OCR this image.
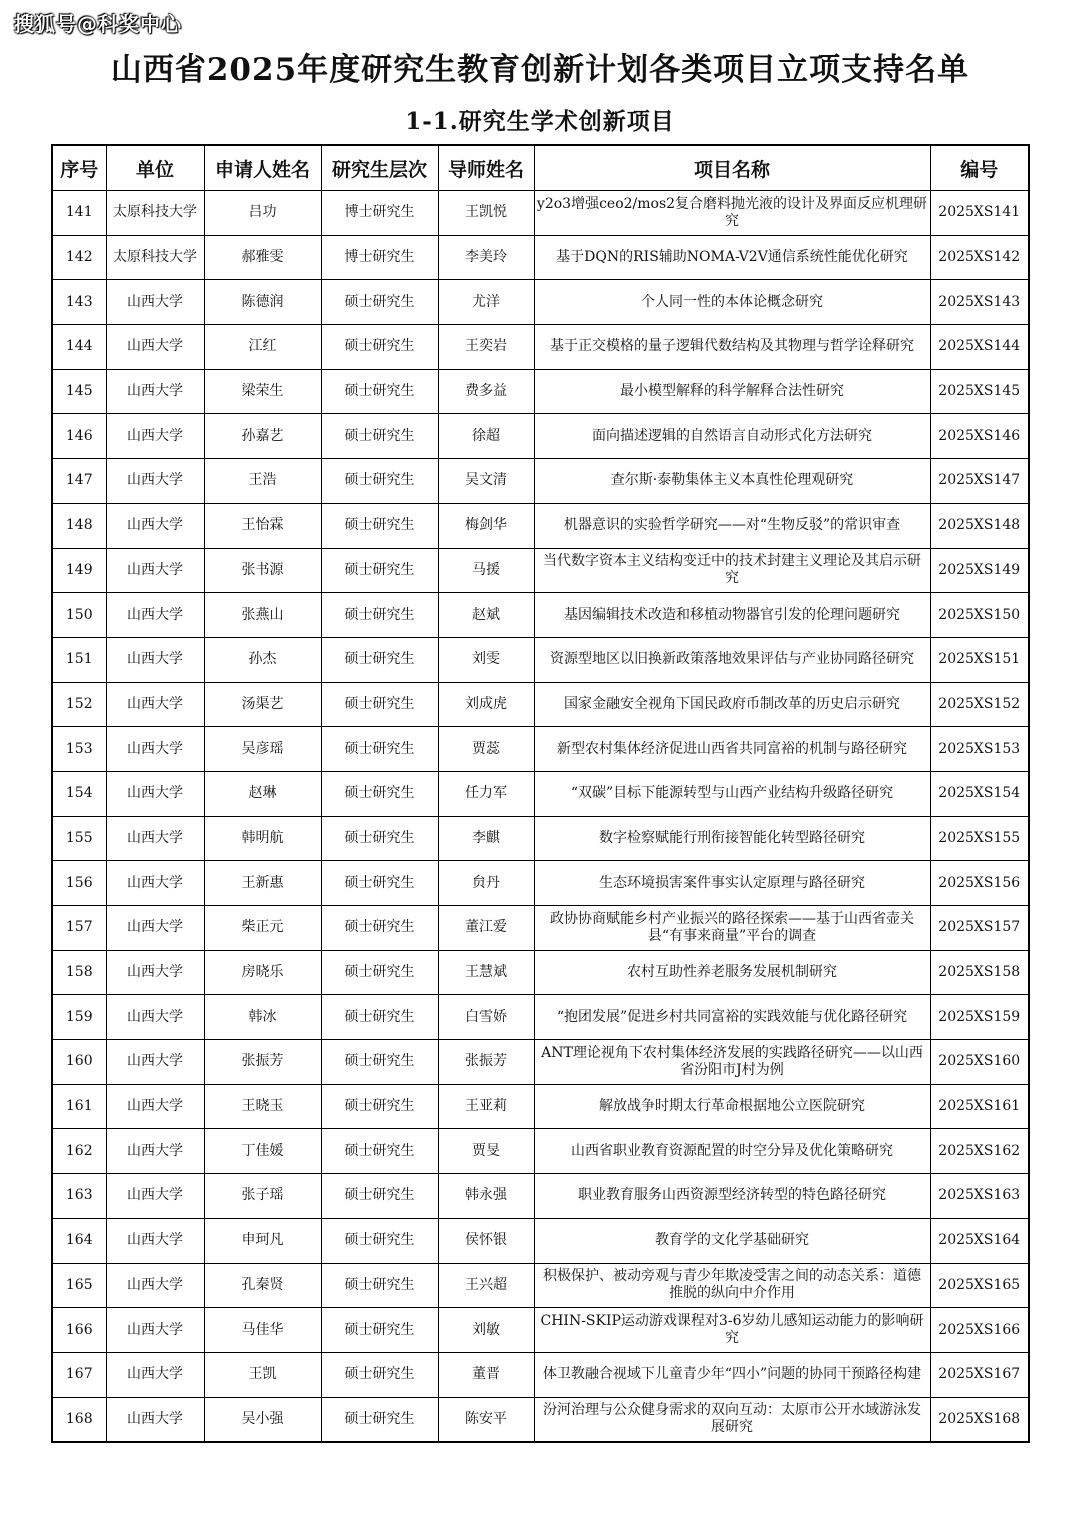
搜狐号@科奖中心
山西省2025年度研究生教育创新计划各类项目立项支持名单
1-1.研究生学术创新项目
序号	单位	申请人姓名	研究生层次	导师姓名	项目名称	编号
141	太原科技大学	吕功	博士研究生	王凯悦	y2o3增强ceo2/mos2复合磨料抛光液的设计及界面反应机理研究	2025XS141
142	太原科技大学	郝雅雯	博士研究生	李美玲	基于DQN的RIS辅助NOMA-V2V通信系统性能优化研究	2025XS142
143	山西大学	陈德润	硕士研究生	尤洋	个人同一性的本体论概念研究	2025XS143
144	山西大学	江红	硕士研究生	王奕岩	基于正交模格的量子逻辑代数结构及其物理与哲学诠释研究	2025XS144
145	山西大学	梁荣生	硕士研究生	费多益	最小模型解释的科学解释合法性研究	2025XS145
146	山西大学	孙嘉艺	硕士研究生	徐超	面向描述逻辑的自然语言自动形式化方法研究	2025XS146
147	山西大学	王浩	硕士研究生	吴文清	查尔斯·泰勒集体主义本真性伦理观研究	2025XS147
148	山西大学	王怡霖	硕士研究生	梅剑华	机器意识的实验哲学研究——对“生物反驳”的常识审查	2025XS148
149	山西大学	张书源	硕士研究生	马援	当代数字资本主义结构变迁中的技术封建主义理论及其启示研究	2025XS149
150	山西大学	张燕山	硕士研究生	赵斌	基因编辑技术改造和移植动物器官引发的伦理问题研究	2025XS150
151	山西大学	孙杰	硕士研究生	刘雯	资源型地区以旧换新政策落地效果评估与产业协同路径研究	2025XS151
152	山西大学	汤渠艺	硕士研究生	刘成虎	国家金融安全视角下国民政府币制改革的历史启示研究	2025XS152
153	山西大学	吴彦瑶	硕士研究生	贾蕊	新型农村集体经济促进山西省共同富裕的机制与路径研究	2025XS153
154	山西大学	赵琳	硕士研究生	任力军	“双碳”目标下能源转型与山西产业结构升级路径研究	2025XS154
155	山西大学	韩明航	硕士研究生	李麒	数字检察赋能行刑衔接智能化转型路径研究	2025XS155
156	山西大学	王新惠	硕士研究生	贠丹	生态环境损害案件事实认定原理与路径研究	2025XS156
157	山西大学	柴正元	硕士研究生	董江爱	政协协商赋能乡村产业振兴的路径探索——基于山西省壶关县“有事来商量”平台的调查	2025XS157
158	山西大学	房晓乐	硕士研究生	王慧斌	农村互助性养老服务发展机制研究	2025XS158
159	山西大学	韩冰	硕士研究生	白雪娇	“抱团发展”促进乡村共同富裕的实践效能与优化路径研究	2025XS159
160	山西大学	张振芳	硕士研究生	张振芳	ANT理论视角下农村集体经济发展的实践路径研究——以山西省汾阳市J村为例	2025XS160
161	山西大学	王晓玉	硕士研究生	王亚莉	解放战争时期太行革命根据地公立医院研究	2025XS161
162	山西大学	丁佳媛	硕士研究生	贾旻	山西省职业教育资源配置的时空分异及优化策略研究	2025XS162
163	山西大学	张子瑶	硕士研究生	韩永强	职业教育服务山西资源型经济转型的特色路径研究	2025XS163
164	山西大学	申珂凡	硕士研究生	侯怀银	教育学的文化学基础研究	2025XS164
165	山西大学	孔秦贤	硕士研究生	王兴超	积极保护、被动旁观与青少年欺凌受害之间的动态关系：道德推脱的纵向中介作用	2025XS165
166	山西大学	马佳华	硕士研究生	刘敏	CHIN-SKIP运动游戏课程对3-6岁幼儿感知运动能力的影响研究	2025XS166
167	山西大学	王凯	硕士研究生	董晋	体卫教融合视域下儿童青少年“四小”问题的协同干预路径构建	2025XS167
168	山西大学	吴小强	硕士研究生	陈安平	汾河治理与公众健身需求的双向互动：太原市公开水域游泳发展研究	2025XS168
